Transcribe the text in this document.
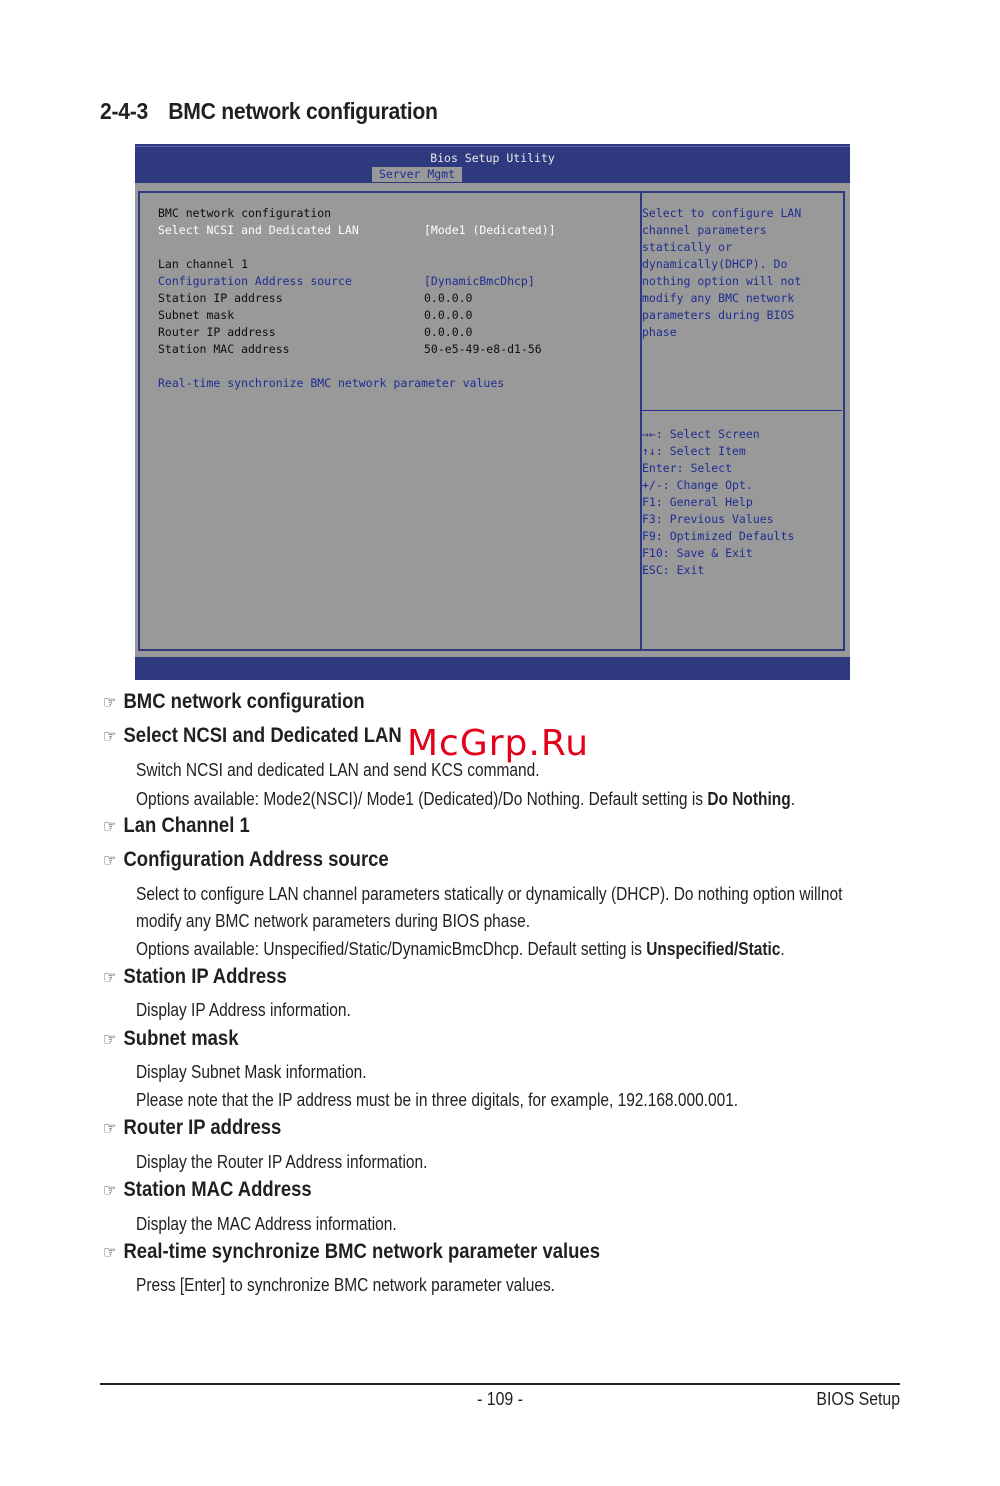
2-4-3 BMC network configuration
Bios Setup Utility
Server Mgmt

BMC network configuration

Select NCSI and Dedicated LAN

	[Mode1 (Dedicated)]

Lan channel 1

Configuration Address source

	[DynamicBmcDhcp]

Station IP address

	0.0.0.0

Subnet mask

	0.0.0.0

Router IP address

	0.0.0.0

Station MAC address

	50-e5-49-e8-d1-56

Real-time synchronize BMC network parameter values

Select to configure LAN
channel parameters
statically or
dynamically(DHCP). Do
nothing option will not
modify any BMC network
parameters during BIOS
phase
→←: Select Screen
↑↓: Select Item
Enter: Select
+/-: Change Opt.
F1: General Help
F3: Previous Values
F9: Optimized Defaults
F10: Save & Exit
ESC: Exit
☞ BMC network configuration
☞ Select NCSI and Dedicated LAN

Switch NCSI and dedicated LAN and send KCS command.

Options available: Mode2(NSCI)/ Mode1 (Dedicated)/Do Nothing. Default setting is Do Nothing.

☞ Lan Channel 1
☞ Configuration Address source

Select to configure LAN channel parameters statically or dynamically (DHCP). Do nothing option willnot

modify any BMC network parameters during BIOS phase.

Options available: Unspecified/Static/DynamicBmcDhcp. Default setting is Unspecified/Static.

☞ Station IP Address

Display IP Address information.

☞ Subnet mask

Display Subnet Mask information.

Please note that the IP address must be in three digitals, for example, 192.168.000.001.

☞ Router IP address

Display the Router IP Address information.

☞ Station MAC Address

Display the MAC Address information.

☞ Real-time synchronize BMC network parameter values

Press [Enter] to synchronize BMC network parameter values.

McGrp.Ru
- 109 -	BIOS Setup
